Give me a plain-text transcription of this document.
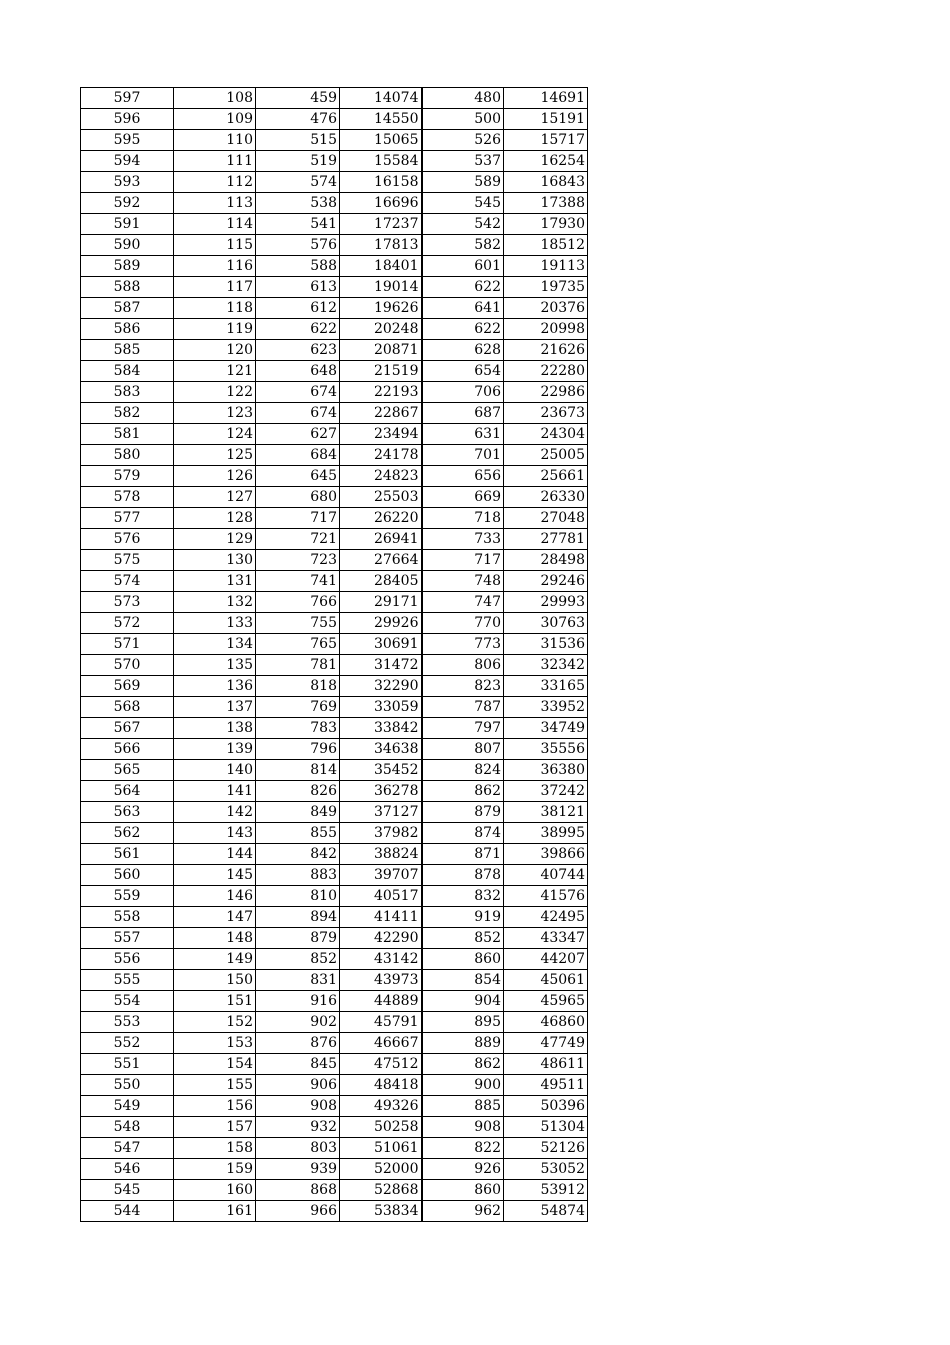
597	108	459	14074	480	14691
596	109	476	14550	500	15191
595	110	515	15065	526	15717
594	111	519	15584	537	16254
593	112	574	16158	589	16843
592	113	538	16696	545	17388
591	114	541	17237	542	17930
590	115	576	17813	582	18512
589	116	588	18401	601	19113
588	117	613	19014	622	19735
587	118	612	19626	641	20376
586	119	622	20248	622	20998
585	120	623	20871	628	21626
584	121	648	21519	654	22280
583	122	674	22193	706	22986
582	123	674	22867	687	23673
581	124	627	23494	631	24304
580	125	684	24178	701	25005
579	126	645	24823	656	25661
578	127	680	25503	669	26330
577	128	717	26220	718	27048
576	129	721	26941	733	27781
575	130	723	27664	717	28498
574	131	741	28405	748	29246
573	132	766	29171	747	29993
572	133	755	29926	770	30763
571	134	765	30691	773	31536
570	135	781	31472	806	32342
569	136	818	32290	823	33165
568	137	769	33059	787	33952
567	138	783	33842	797	34749
566	139	796	34638	807	35556
565	140	814	35452	824	36380
564	141	826	36278	862	37242
563	142	849	37127	879	38121
562	143	855	37982	874	38995
561	144	842	38824	871	39866
560	145	883	39707	878	40744
559	146	810	40517	832	41576
558	147	894	41411	919	42495
557	148	879	42290	852	43347
556	149	852	43142	860	44207
555	150	831	43973	854	45061
554	151	916	44889	904	45965
553	152	902	45791	895	46860
552	153	876	46667	889	47749
551	154	845	47512	862	48611
550	155	906	48418	900	49511
549	156	908	49326	885	50396
548	157	932	50258	908	51304
547	158	803	51061	822	52126
546	159	939	52000	926	53052
545	160	868	52868	860	53912
544	161	966	53834	962	54874
